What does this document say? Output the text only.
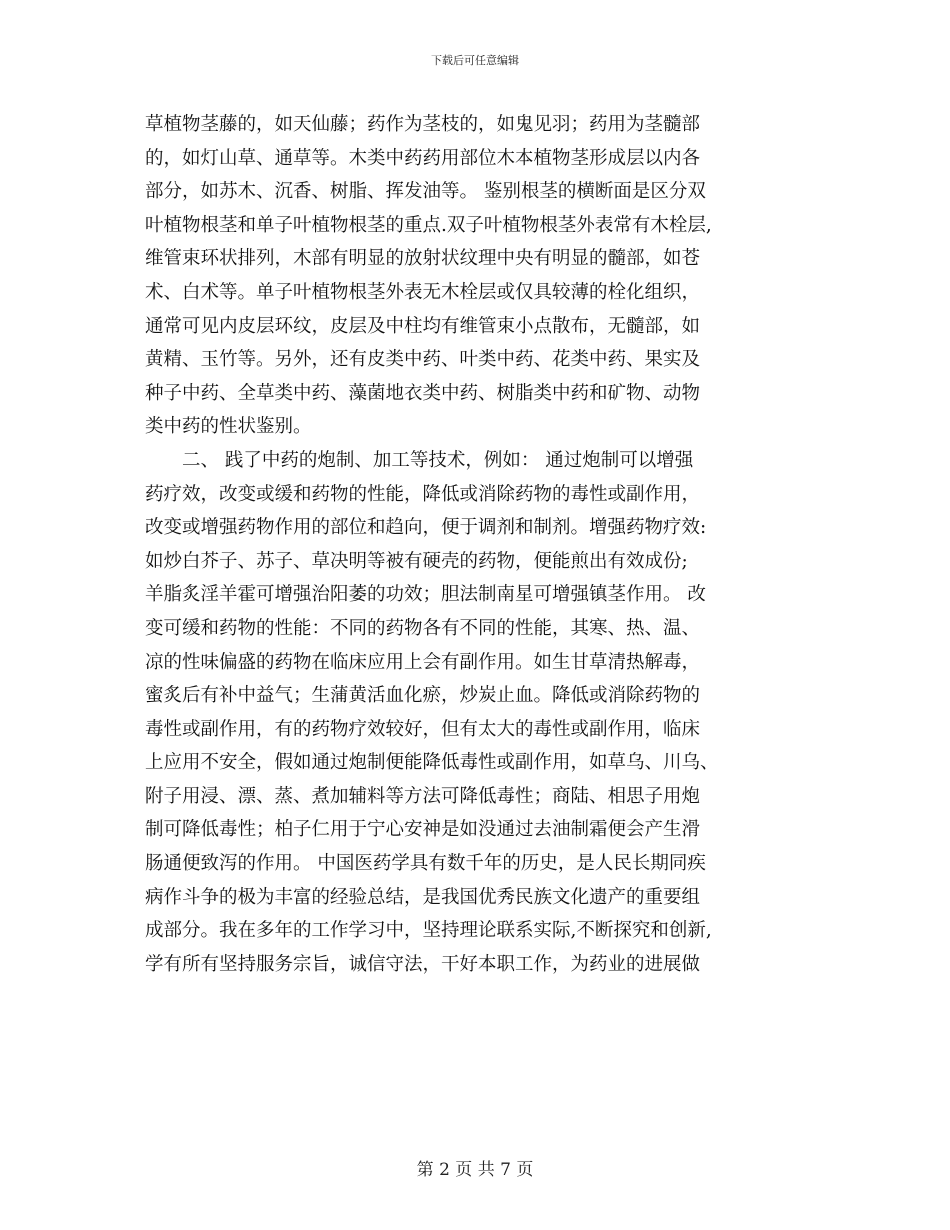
下载后可任意编辑
草植物茎藤的，如天仙藤；药作为茎枝的，如鬼见羽；药用为茎髓部
的，如灯山草、通草等。木类中药药用部位木本植物茎形成层以内各
部分，如苏木、沉香、树脂、挥发油等。 鉴别根茎的横断面是区分双
叶植物根茎和单子叶植物根茎的重点.双子叶植物根茎外表常有木栓层,
维管束环状排列，木部有明显的放射状纹理中央有明显的髓部，如苍
术、白术等。单子叶植物根茎外表无木栓层或仅具较薄的栓化组织，
通常可见内皮层环纹，皮层及中柱均有维管束小点散布，无髓部，如
黄精、玉竹等。另外，还有皮类中药、叶类中药、花类中药、果实及
种子中药、全草类中药、藻菌地衣类中药、树脂类中药和矿物、动物
类中药的性状鉴别。
　　二、 践了中药的炮制、加工等技术，例如： 通过炮制可以增强
药疗效，改变或缓和药物的性能，降低或消除药物的毒性或副作用，
改变或增强药物作用的部位和趋向，便于调剂和制剂。增强药物疗效:
如炒白芥子、苏子、草决明等被有硬壳的药物，便能煎出有效成份;
羊脂炙淫羊霍可增强治阳萎的功效；胆法制南星可增强镇茎作用。 改
变可缓和药物的性能：不同的药物各有不同的性能，其寒、热、温、
凉的性味偏盛的药物在临床应用上会有副作用。如生甘草清热解毒，
蜜炙后有补中益气；生蒲黄活血化瘀，炒炭止血。降低或消除药物的
毒性或副作用，有的药物疗效较好，但有太大的毒性或副作用，临床
上应用不安全，假如通过炮制便能降低毒性或副作用，如草乌、川乌、
附子用浸、漂、蒸、煮加辅料等方法可降低毒性；商陆、相思子用炮
制可降低毒性；柏子仁用于宁心安神是如没通过去油制霜便会产生滑
肠通便致泻的作用。 中国医药学具有数千年的历史，是人民长期同疾
病作斗争的极为丰富的经验总结，是我国优秀民族文化遗产的重要组
成部分。我在多年的工作学习中，坚持理论联系实际,不断探究和创新,
学有所有坚持服务宗旨，诚信守法，干好本职工作，为药业的进展做
第 2 页 共 7 页
